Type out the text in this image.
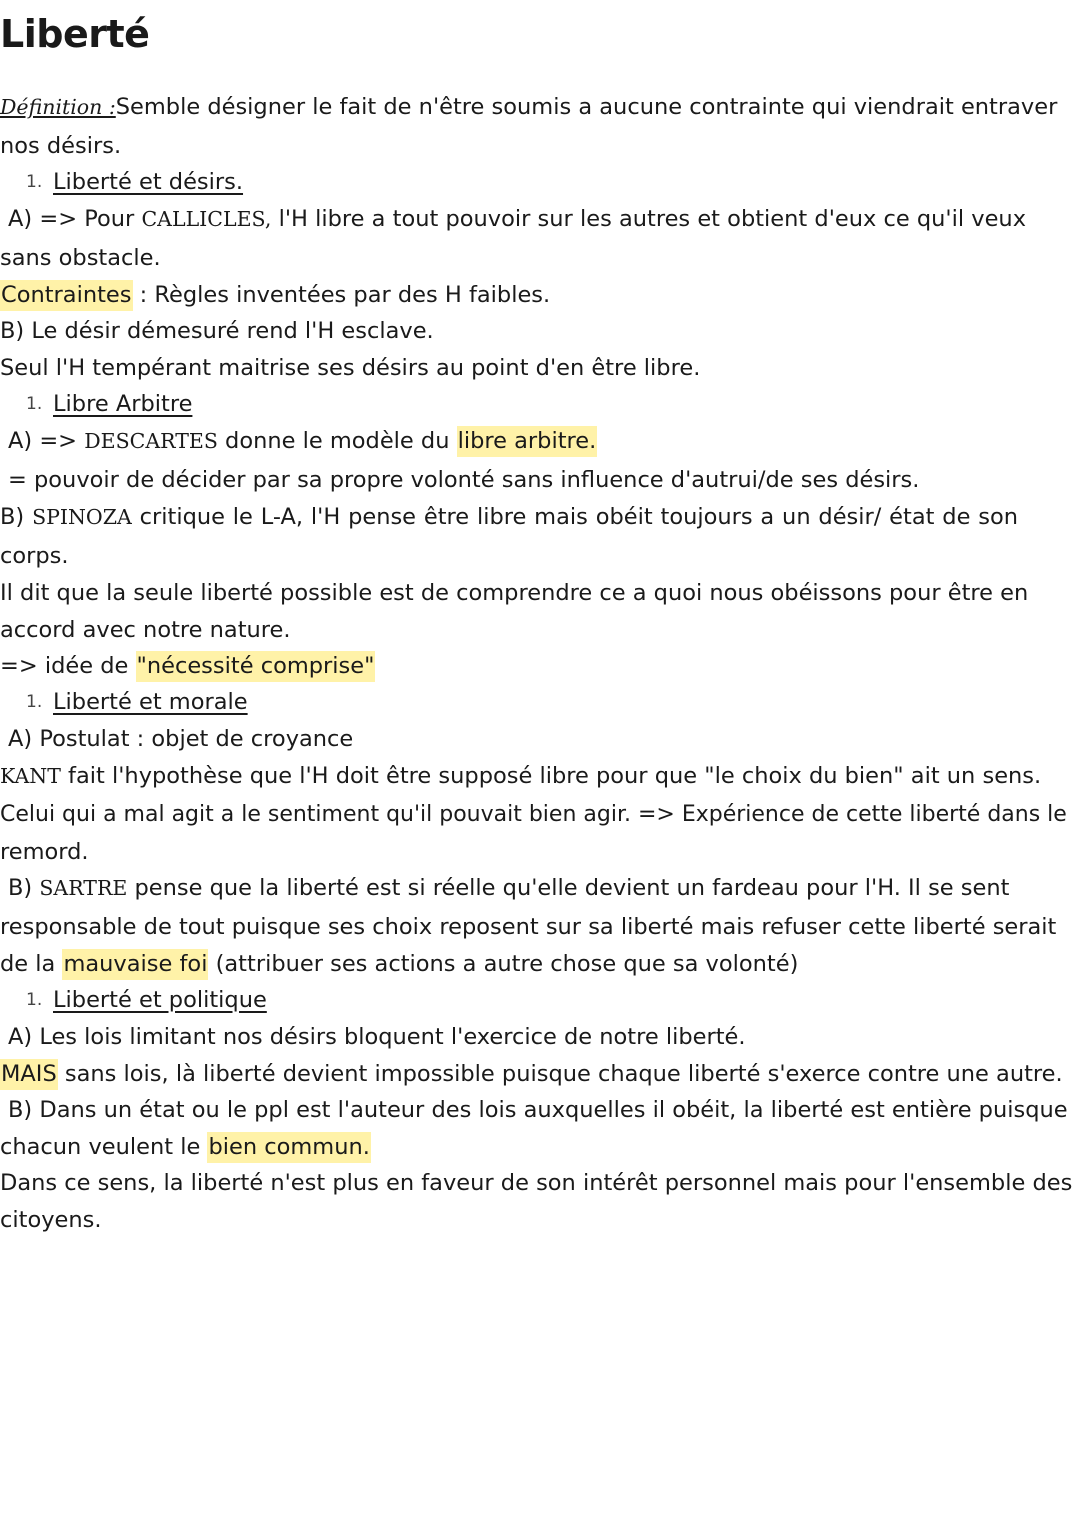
Liberté
Définition :Semble désigner le fait de n'être soumis a aucune contrainte qui viendrait entraver
nos désirs.
1. Liberté et désirs.
A) => Pour CALLICLES, l'H libre a tout pouvoir sur les autres et obtient d'eux ce qu'il veux
sans obstacle.
Contraintes : Règles inventées par des H faibles.
B) Le désir démesuré rend l'H esclave.
Seul l'H tempérant maitrise ses désirs au point d'en être libre.
1. Libre Arbitre
A) => DESCARTES donne le modèle du libre arbitre.
= pouvoir de décider par sa propre volonté sans influence d'autrui/de ses désirs.
B) SPINOZA critique le L-A, l'H pense être libre mais obéit toujours a un désir/ état de son
corps.
Il dit que la seule liberté possible est de comprendre ce a quoi nous obéissons pour être en
accord avec notre nature.
=> idée de "nécessité comprise"
1. Liberté et morale
A) Postulat : objet de croyance
KANT fait l'hypothèse que l'H doit être supposé libre pour que "le choix du bien" ait un sens.
Celui qui a mal agit a le sentiment qu'il pouvait bien agir. => Expérience de cette liberté dans le
remord.
B) SARTRE pense que la liberté est si réelle qu'elle devient un fardeau pour l'H. Il se sent
responsable de tout puisque ses choix reposent sur sa liberté mais refuser cette liberté serait
de la mauvaise foi (attribuer ses actions a autre chose que sa volonté)
1. Liberté et politique
A) Les lois limitant nos désirs bloquent l'exercice de notre liberté.
MAIS sans lois, là liberté devient impossible puisque chaque liberté s'exerce contre une autre.
B) Dans un état ou le ppl est l'auteur des lois auxquelles il obéit, la liberté est entière puisque
chacun veulent le bien commun.
Dans ce sens, la liberté n'est plus en faveur de son intérêt personnel mais pour l'ensemble des
citoyens.
